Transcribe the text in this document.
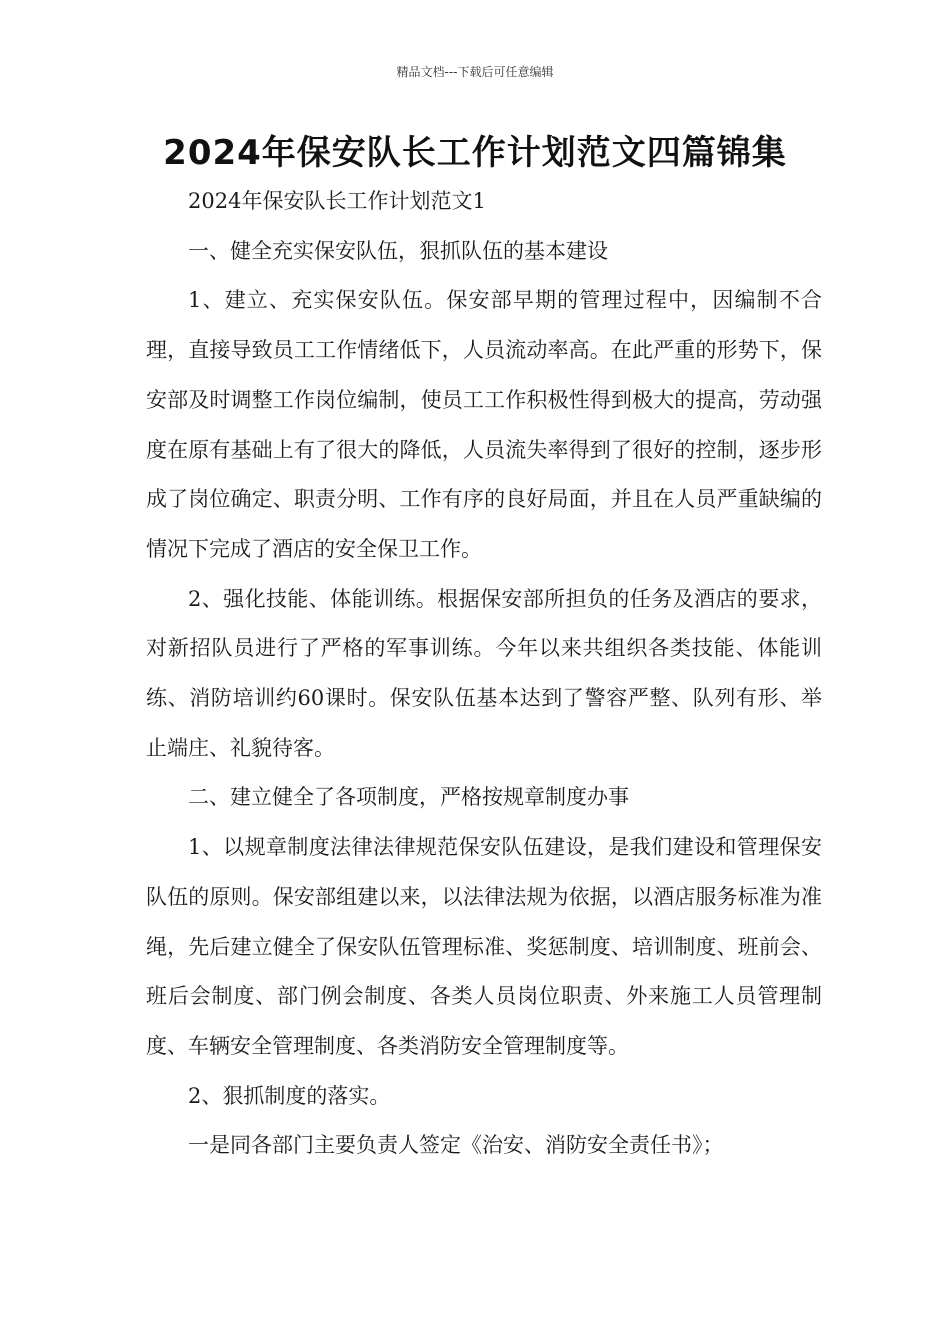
精品文档---下载后可任意编辑
2024年保安队长工作计划范文四篇锦集

2024年保安队长工作计划范文1

一、健全充实保安队伍，狠抓队伍的基本建设

1、建立、充实保安队伍。保安部早期的管理过程中，因编制不合理，直接导致员工工作情绪低下，人员流动率高。在此严重的形势下，保安部及时调整工作岗位编制，使员工工作积极性得到极大的提高，劳动强度在原有基础上有了很大的降低，人员流失率得到了很好的控制，逐步形成了岗位确定、职责分明、工作有序的良好局面，并且在人员严重缺编的情况下完成了酒店的安全保卫工作。

2、强化技能、体能训练。根据保安部所担负的任务及酒店的要求，对新招队员进行了严格的军事训练。今年以来共组织各类技能、体能训练、消防培训约60课时。保安队伍基本达到了警容严整、队列有形、举止端庄、礼貌待客。

二、建立健全了各项制度，严格按规章制度办事

1、以规章制度法律法律规范保安队伍建设，是我们建设和管理保安队伍的原则。保安部组建以来，以法律法规为依据，以酒店服务标准为准绳，先后建立健全了保安队伍管理标准、奖惩制度、培训制度、班前会、班后会制度、部门例会制度、各类人员岗位职责、外来施工人员管理制度、车辆安全管理制度、各类消防安全管理制度等。

2、狠抓制度的落实。

一是同各部门主要负责人签定《治安、消防安全责任书》；
